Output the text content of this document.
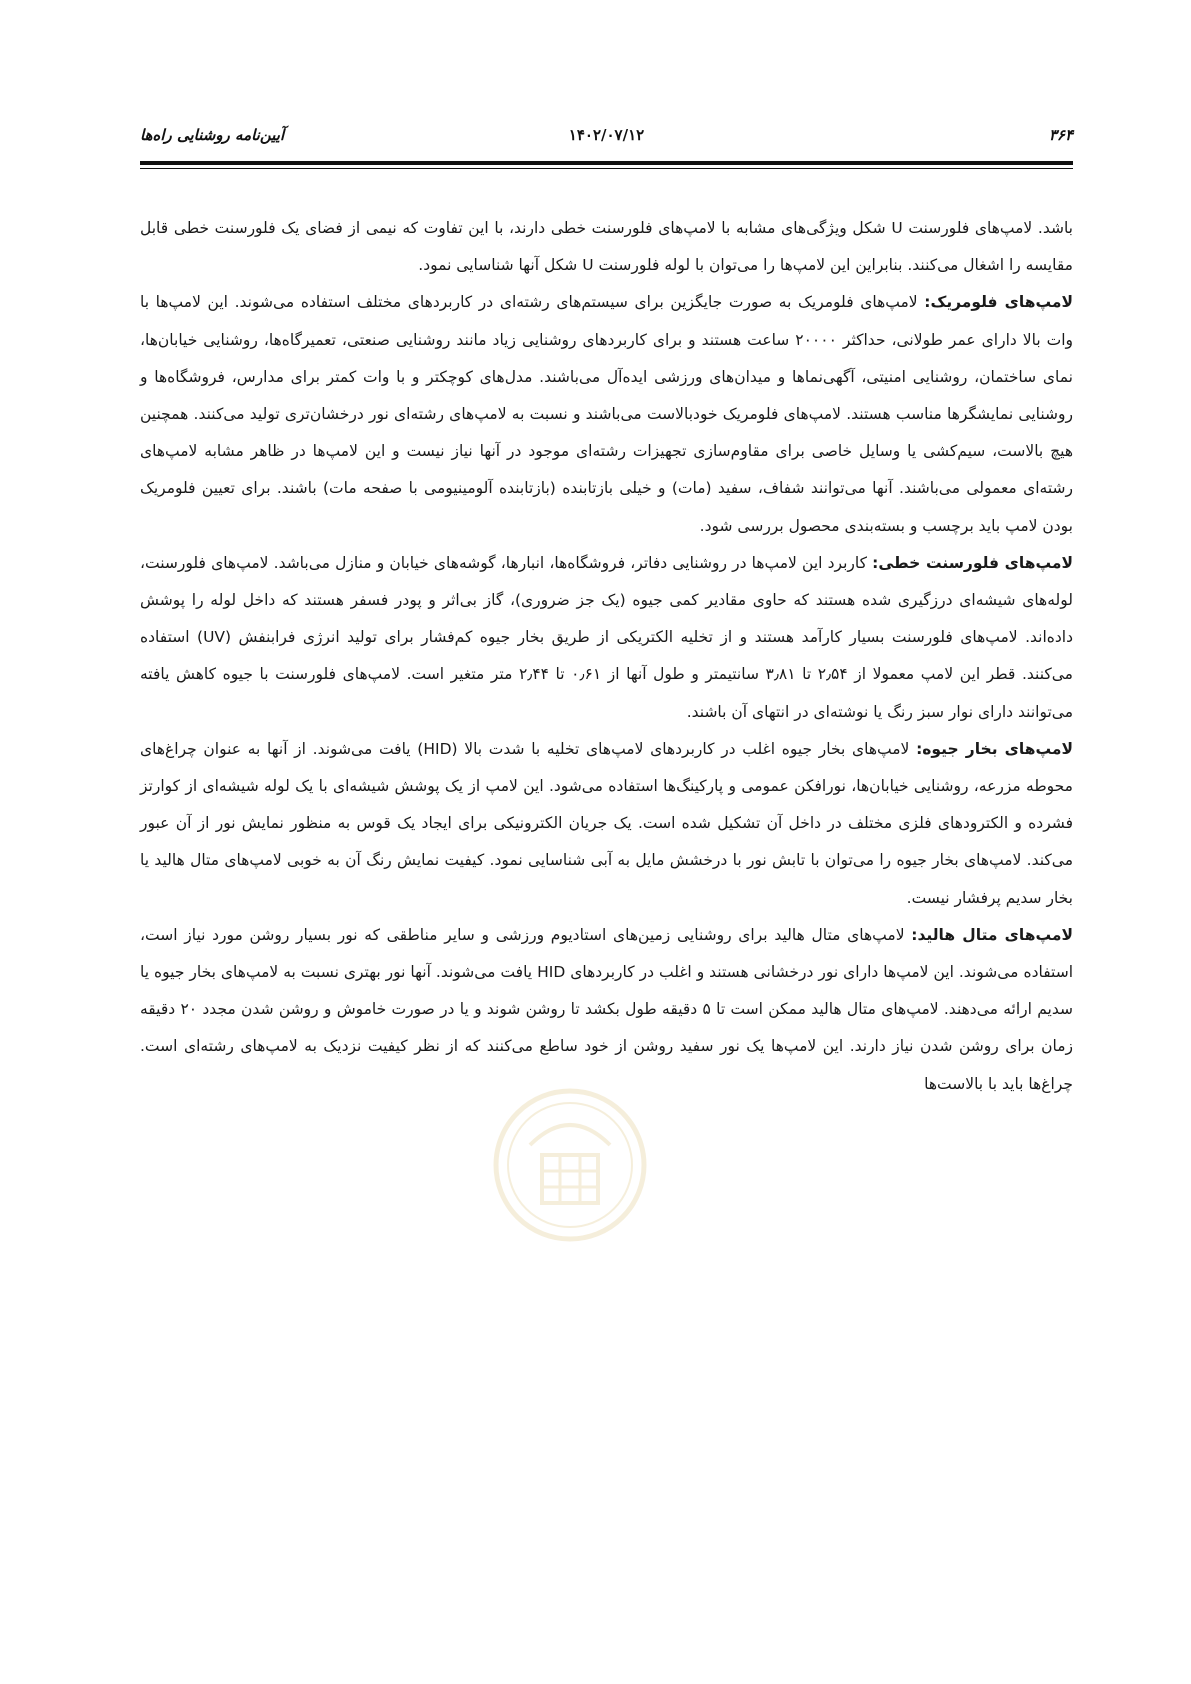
۳۶۴
۱۴۰۲/۰۷/۱۲
آیین‌نامه روشنایی راه‌ها

باشد. لامپ‌های فلورسنت U شکل ویژگی‌های مشابه با لامپ‌های فلورسنت خطی دارند، با این تفاوت که نیمی از فضای یک فلورسنت خطی قابل مقایسه را اشغال می‌کنند. بنابراین این لامپ‌ها را می‌توان با لوله فلورسنت U شکل آنها شناسایی نمود.

لامپ‌های فلومریک: لامپ‌های فلومریک به صورت جایگزین برای سیستم‌های رشته‌ای در کاربردهای مختلف استفاده می‌شوند. این لامپ‌ها با وات بالا دارای عمر طولانی، حداکثر ۲۰۰۰۰ ساعت هستند و برای کاربردهای روشنایی زیاد مانند روشنایی صنعتی، تعمیرگاه‌ها، روشنایی خیابان‌ها، نمای ساختمان، روشنایی امنیتی، آگهی‌نماها و میدان‌های ورزشی ایده‌آل می‌باشند. مدل‌های کوچکتر و با وات کمتر برای مدارس، فروشگاه‌ها و روشنایی نمایشگرها مناسب هستند. لامپ‌های فلومریک خودبالاست می‌باشند و نسبت به لامپ‌های رشته‌ای نور درخشان‌تری تولید می‌کنند. همچنین هیچ بالاست، سیم‌کشی یا وسایل خاصی برای مقاوم‌سازی تجهیزات رشته‌ای موجود در آنها نیاز نیست و این لامپ‌ها در ظاهر مشابه لامپ‌های رشته‌ای معمولی می‌باشند. آنها می‌توانند شفاف، سفید (مات) و خیلی بازتابنده (بازتابنده آلومینیومی با صفحه مات) باشند. برای تعیین فلومریک بودن لامپ باید برچسب و بسته‌بندی محصول بررسی شود.

لامپ‌های فلورسنت خطی: کاربرد این لامپ‌ها در روشنایی دفاتر، فروشگاه‌ها، انبارها، گوشه‌های خیابان و منازل می‌باشد. لامپ‌های فلورسنت، لوله‌های شیشه‌ای درزگیری شده هستند که حاوی مقادیر کمی جیوه (یک جز ضروری)، گاز بی‌اثر و پودر فسفر هستند که داخل لوله را پوشش داده‌اند. لامپ‌های فلورسنت بسیار کارآمد هستند و از تخلیه الکتریکی از طریق بخار جیوه کم‌فشار برای تولید انرژی فرابنفش (UV) استفاده می‌کنند. قطر این لامپ معمولا از ۲٫۵۴ تا ۳٫۸۱ سانتیمتر و طول آنها از ۰٫۶۱ تا ۲٫۴۴ متر متغیر است. لامپ‌های فلورسنت با جیوه کاهش یافته می‌توانند دارای نوار سبز رنگ یا نوشته‌ای در انتهای آن باشند.

لامپ‌های بخار جیوه: لامپ‌های بخار جیوه اغلب در کاربردهای لامپ‌های تخلیه با شدت بالا (HID) یافت می‌شوند. از آنها به عنوان چراغ‌های محوطه مزرعه، روشنایی خیابان‌ها، نورافکن عمومی و پارکینگ‌ها استفاده می‌شود. این لامپ از یک پوشش شیشه‌ای با یک لوله شیشه‌ای از کوارتز فشرده و الکترودهای فلزی مختلف در داخل آن تشکیل شده است. یک جریان الکترونیکی برای ایجاد یک قوس به منظور نمایش نور از آن عبور می‌کند. لامپ‌های بخار جیوه را می‌توان با تابش نور با درخشش مایل به آبی شناسایی نمود. کیفیت نمایش رنگ آن به خوبی لامپ‌های متال هالید یا بخار سدیم پرفشار نیست.

لامپ‌های متال هالید: لامپ‌های متال هالید برای روشنایی زمین‌های استادیوم ورزشی و سایر مناطقی که نور بسیار روشن مورد نیاز است، استفاده می‌شوند. این لامپ‌ها دارای نور درخشانی هستند و اغلب در کاربردهای HID یافت می‌شوند. آنها نور بهتری نسبت به لامپ‌های بخار جیوه یا سدیم ارائه می‌دهند. لامپ‌های متال هالید ممکن است تا ۵ دقیقه طول بکشد تا روشن شوند و یا در صورت خاموش و روشن شدن مجدد ۲۰ دقیقه زمان برای روشن شدن نیاز دارند. این لامپ‌ها یک نور سفید روشن از خود ساطع می‌کنند که از نظر کیفیت نزدیک به لامپ‌های رشته‌ای است. چراغ‌ها باید با بالاست‌ها
